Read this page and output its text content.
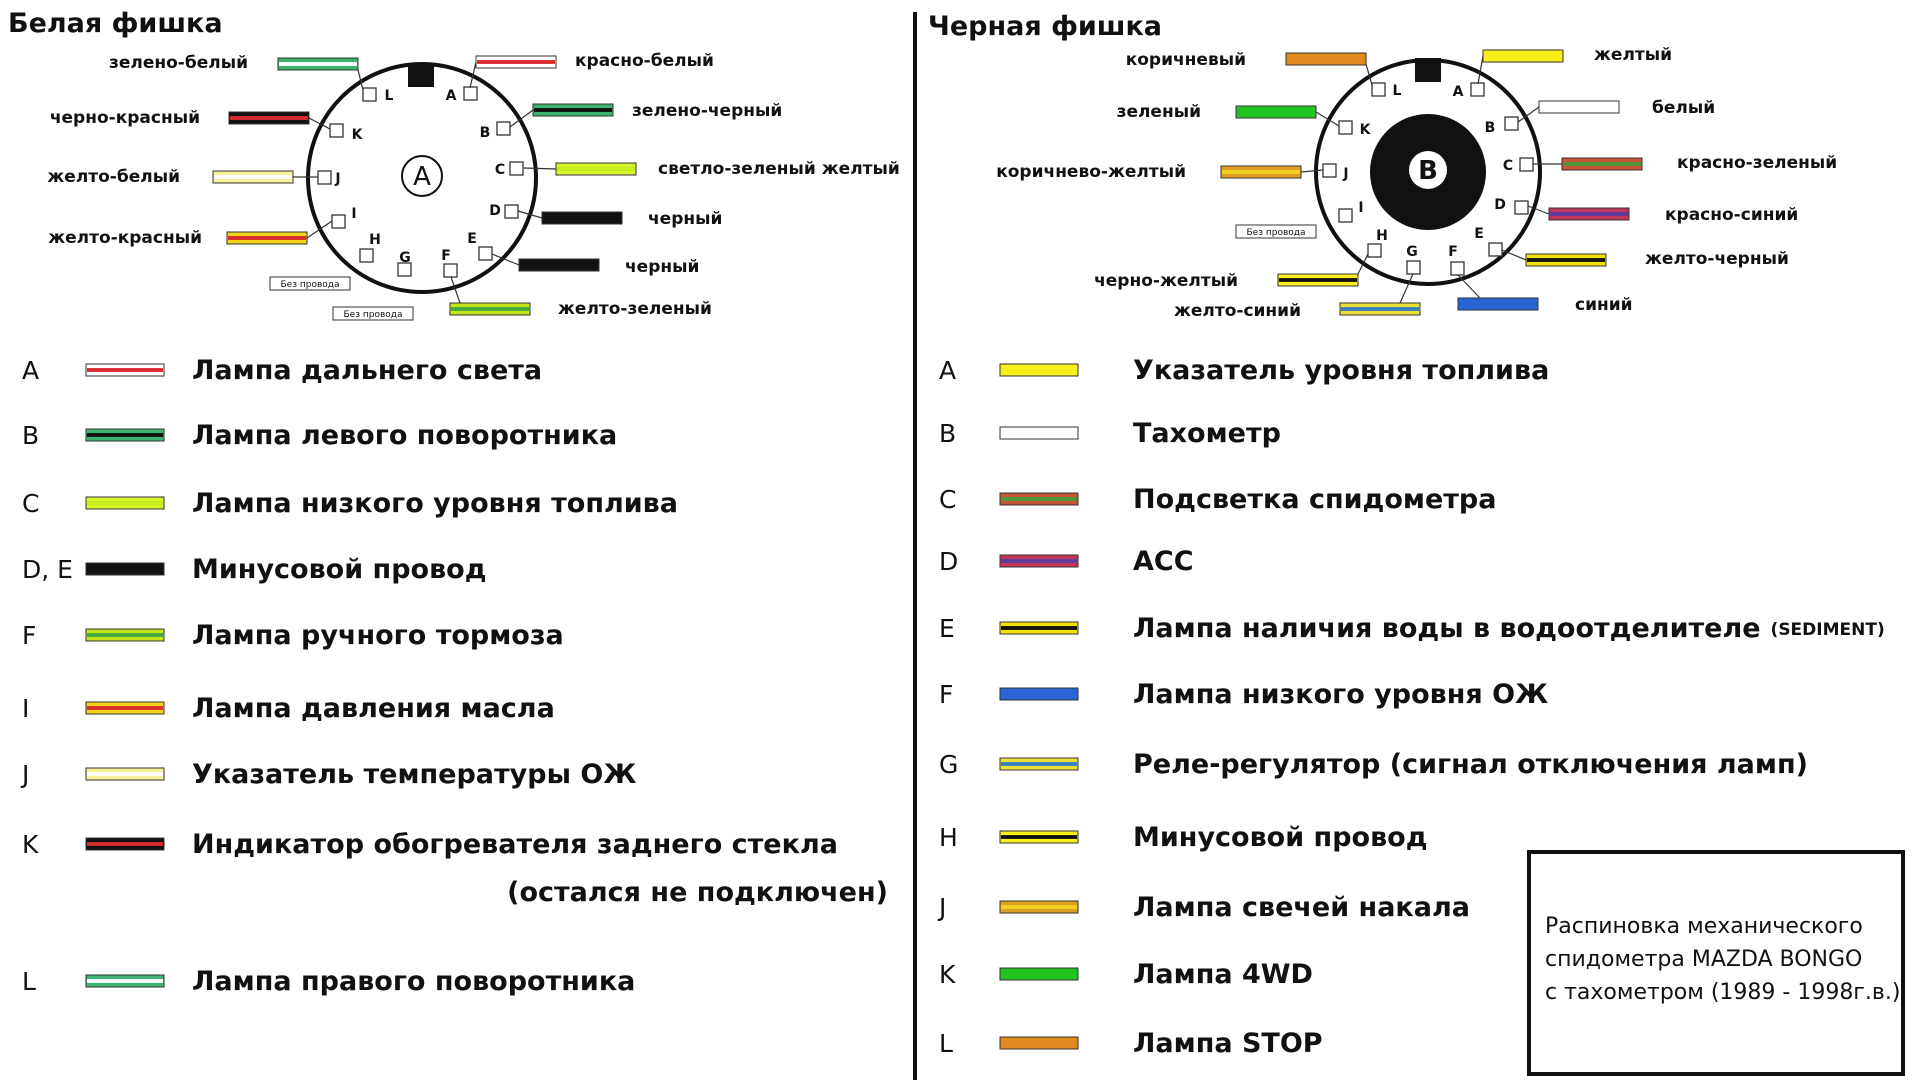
Белая фишка
A
A
красно-белый
B
зелено-черный
C	светло-зеленый желтый
D	черный
E
черный
F
желто-зеленый
G
Без провода
H
Без провода
I
желто-красный
J
желто-белый
K
черно-красный
L
зелено-белый
A	Лампа дальнего света
B	Лампа левого поворотника
C	Лампа низкого уровня топлива
D, E	Минусовой провод
F	Лампа ручного тормоза
I	Лампа давления масла
J	Указатель температуры ОЖ
K	Индикатор обогревателя заднего стекла
(остался не подключен)
L	Лампа правого поворотника
Черная фишка
B
A
желтый
B
белый
C	красно-зеленый
D	красно-синий
E
желто-черный
F
синий
G
желто-синий
H
черно-желтый
I
Без провода
J
коричнево-желтый
K
зеленый
L
коричневый
A	Указатель уровня топлива
B	Тахометр
C	Подсветка спидометра
D	ACC
E	Лампа наличия воды в водоотделителе (SEDIMENT)
F	Лампа низкого уровня ОЖ
G	Реле-регулятор (сигнал отключения ламп)
H	Минусовой провод
J	Лампа свечей накала
K	Лампа 4WD
L	Лампа STOP
Распиновка механического
спидометра MAZDA BONGO
с тахометром (1989 - 1998г.в.)
